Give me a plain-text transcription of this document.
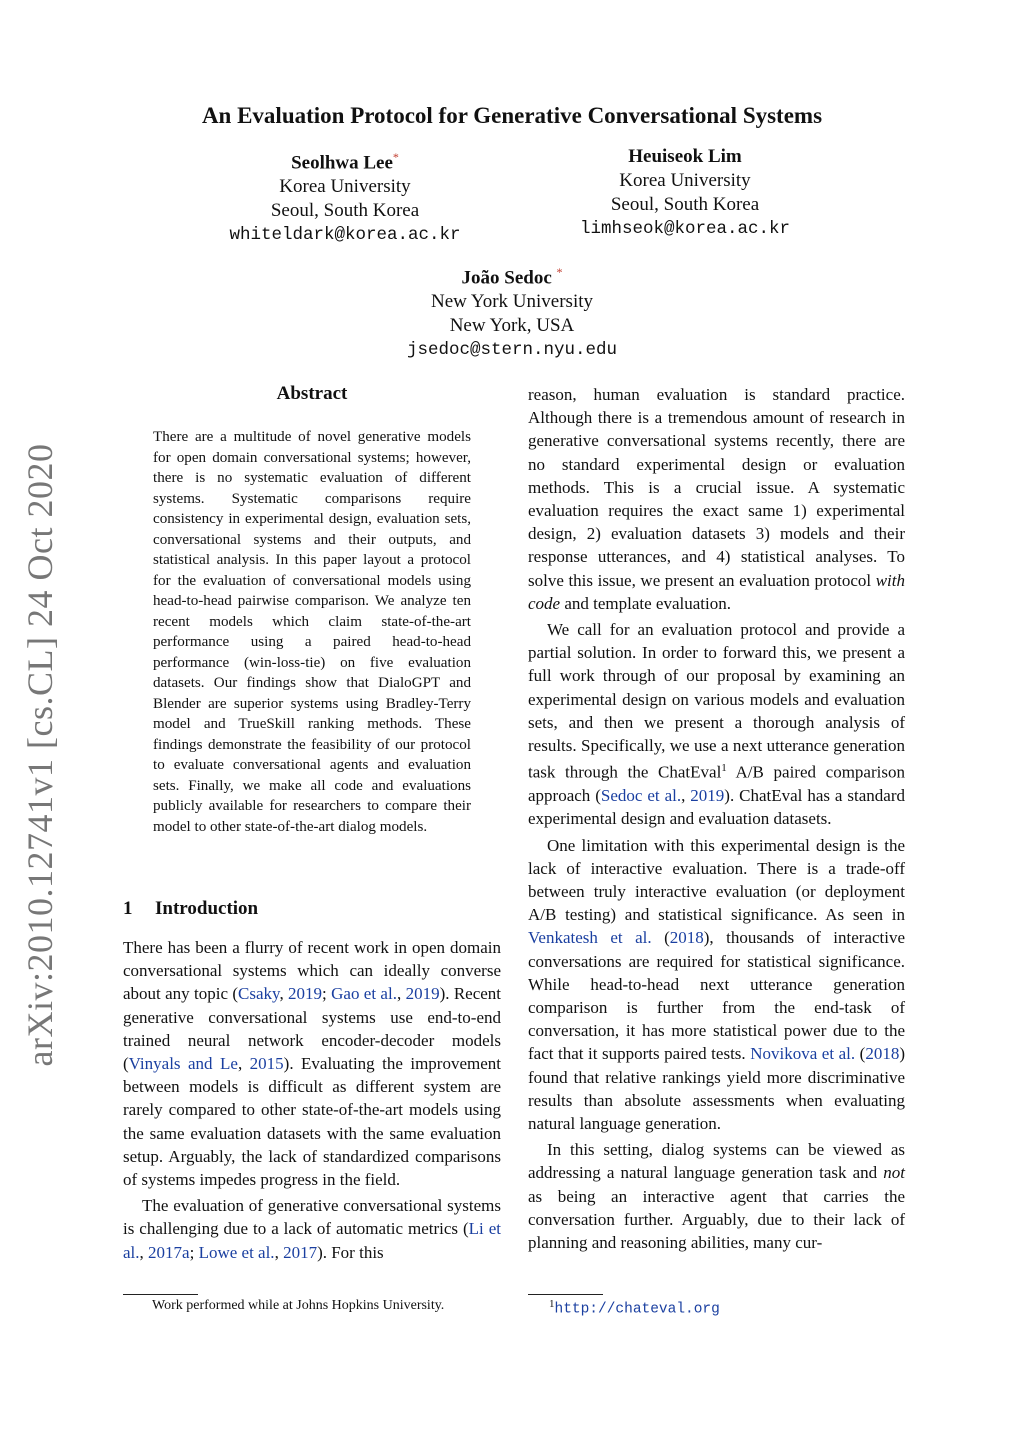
An Evaluation Protocol for Generative Conversational Systems
Seolhwa Lee*
Korea University
Seoul, South Korea
whiteldark@korea.ac.kr
Heuiseok Lim
Korea University
Seoul, South Korea
limhseok@korea.ac.kr
João Sedoc *
New York University
New York, USA
jsedoc@stern.nyu.edu
arXiv:2010.12741v1 [cs.CL] 24 Oct 2020
Abstract
There are a multitude of novel generative models for open domain conversational systems; however, there is no systematic evaluation of different systems. Systematic comparisons require consistency in experimental design, evaluation sets, conversational systems and their outputs, and statistical analysis. In this paper layout a protocol for the evaluation of conversational models using head-to-head pairwise comparison. We analyze ten recent models which claim state-of-the-art performance using a paired head-to-head performance (win-loss-tie) on five evaluation datasets. Our findings show that DialoGPT and Blender are superior systems using Bradley-Terry model and TrueSkill ranking methods. These findings demonstrate the feasibility of our protocol to evaluate conversational agents and evaluation sets. Finally, we make all code and evaluations publicly available for researchers to compare their model to other state-of-the-art dialog models.
1 Introduction

There has been a flurry of recent work in open domain conversational systems which can ideally converse about any topic (Csaky, 2019; Gao et al., 2019). Recent generative conversational systems use end-to-end trained neural network encoder-decoder models (Vinyals and Le, 2015). Evaluating the improvement between models is difficult as different system are rarely compared to other state-of-the-art models using the same evaluation datasets with the same evaluation setup. Arguably, the lack of standardized comparisons of systems impedes progress in the field.

The evaluation of generative conversational systems is challenging due to a lack of automatic metrics (Li et al., 2017a; Lowe et al., 2017). For this

reason, human evaluation is standard practice. Although there is a tremendous amount of research in generative conversational systems recently, there are no standard experimental design or evaluation methods. This is a crucial issue. A systematic evaluation requires the exact same 1) experimental design, 2) evaluation datasets 3) models and their response utterances, and 4) statistical analyses. To solve this issue, we present an evaluation protocol with code and template evaluation.

We call for an evaluation protocol and provide a partial solution. In order to forward this, we present a full work through of our proposal by examining an experimental design on various models and evaluation sets, and then we present a thorough analysis of results. Specifically, we use a next utterance generation task through the ChatEval$^1$ A/B paired comparison approach (Sedoc et al., 2019). ChatEval has a standard experimental design and evaluation datasets.

One limitation with this experimental design is the lack of interactive evaluation. There is a trade-off between truly interactive evaluation (or deployment A/B testing) and statistical significance. As seen in Venkatesh et al. (2018), thousands of interactive conversations are required for statistical significance. While head-to-head next utterance generation comparison is further from the end-task of conversation, it has more statistical power due to the fact that it supports paired tests. Novikova et al. (2018) found that relative rankings yield more discriminative results than absolute assessments when evaluating natural language generation.

In this setting, dialog systems can be viewed as addressing a natural language generation task and not as being an interactive agent that carries the conversation further. Arguably, due to their lack of planning and reasoning abilities, many cur-

Work performed while at Johns Hopkins University.	$^1$http://chateval.org
